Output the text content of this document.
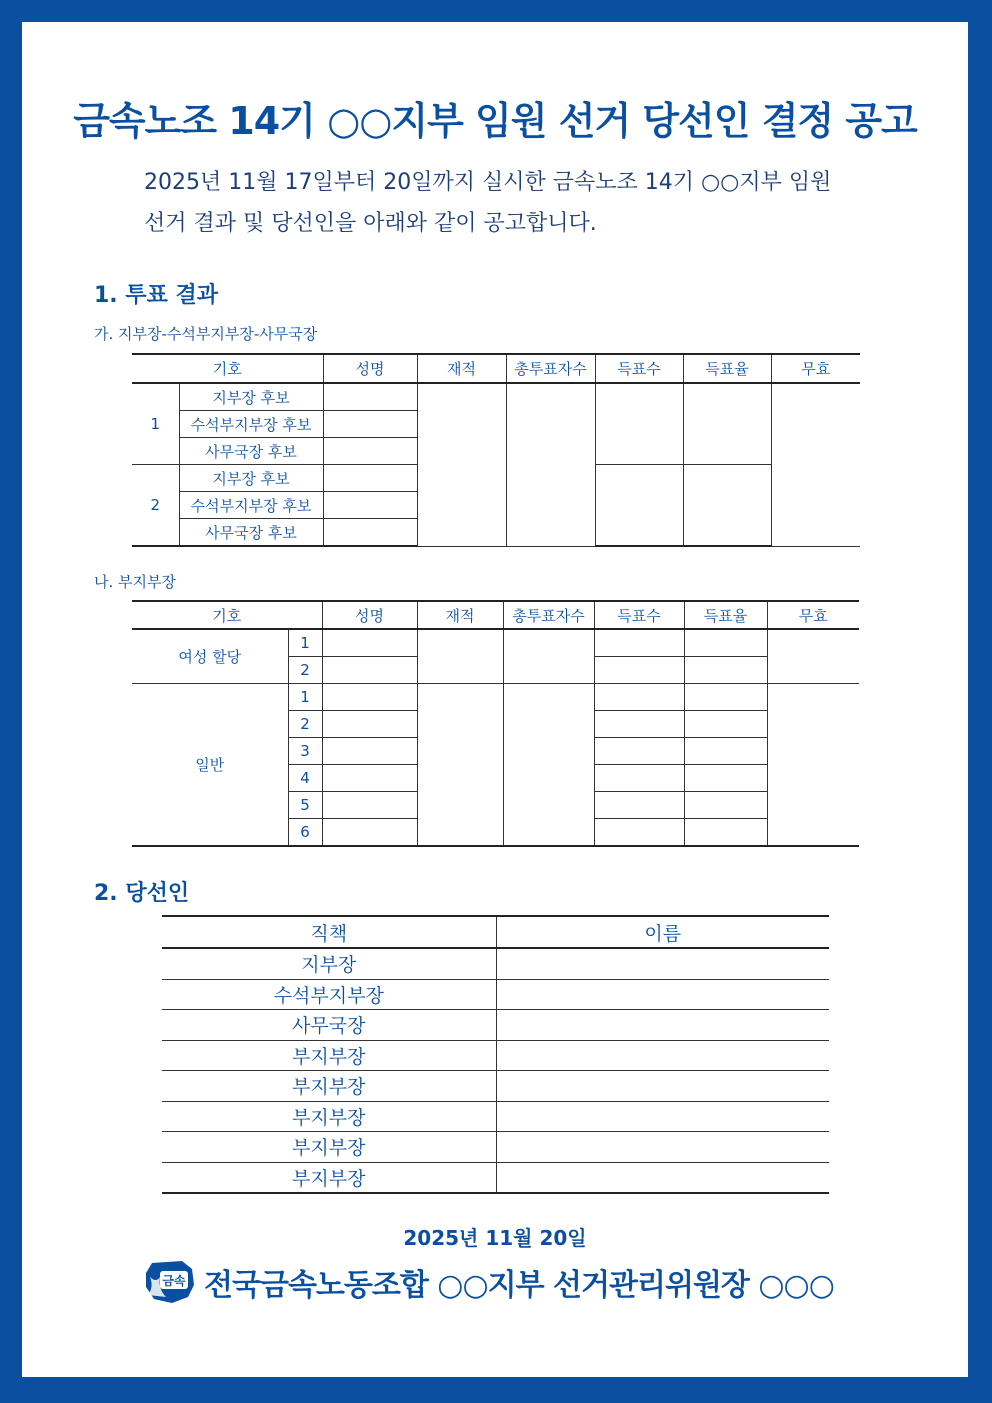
금속노조 14기 ○○지부 임원 선거 당선인 결정 공고
2025년 11월 17일부터 20일까지 실시한 금속노조 14기 ○○지부 임원
선거 결과 및 당선인을 아래와 같이 공고합니다.
1. 투표 결과
가. 지부장-수석부지부장-사무국장
기호		성명	재적	총투표자수	득표수	득표율	무효
1	지부장 후보						
	수석부지부장 후보						
	사무국장 후보						
2	지부장 후보						
	수석부지부장 후보						
	사무국장 후보						
나. 부지부장
기호		성명	재적	총투표자수	득표수	득표율	무효
여성 할당	1						
	2						
일반	1						
	2						
	3						
	4						
	5						
	6						
2. 당선인
직책	이름
지부장	
수석부지부장	
사무국장	
부지부장	
부지부장	
부지부장	
부지부장	
부지부장	
2025년 11월 20일
금속 전국금속노동조합 ○○지부 선거관리위원장 ○○○
